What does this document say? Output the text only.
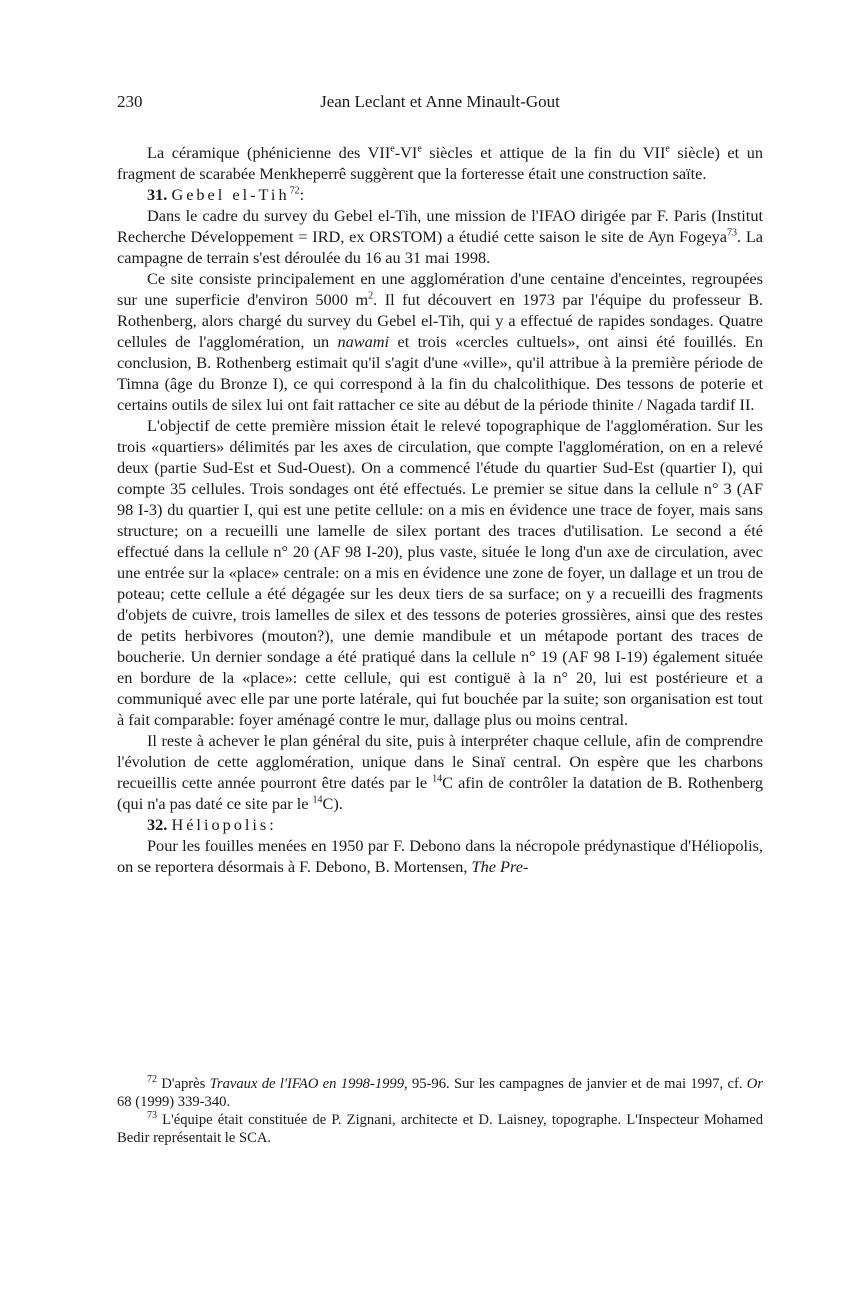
230	Jean Leclant et Anne Minault-Gout

La céramique (phénicienne des VIIe-VIe siècles et attique de la fin du VIIe siècle) et un fragment de scarabée Menkheperrê suggèrent que la forteresse était une construction saïte.

31. Gebel el-Tih$^{72}$:

Dans le cadre du survey du Gebel el-Tih, une mission de l'IFAO dirigée par F. Paris (Institut Recherche Développement = IRD, ex ORSTOM) a étudié cette saison le site de Ayn Fogeya$^{73}$. La campagne de terrain s'est déroulée du 16 au 31 mai 1998.

Ce site consiste principalement en une agglomération d'une centaine d'enceintes, regroupées sur une superficie d'environ 5000 $m^2$. Il fut découvert en 1973 par l'équipe du professeur B. Rothenberg, alors chargé du survey du Gebel el-Tih, qui y a effectué de rapides sondages. Quatre cellules de l'agglomération, un nawami et trois «cercles cultuels», ont ainsi été fouillés. En conclusion, B. Rothenberg estimait qu'il s'agit d'une «ville», qu'il attribue à la première période de Timna (âge du Bronze I), ce qui correspond à la fin du chalcolithique. Des tessons de poterie et certains outils de silex lui ont fait rattacher ce site au début de la période thinite / Nagada tardif II.

L'objectif de cette première mission était le relevé topographique de l'agglomération. Sur les trois «quartiers» délimités par les axes de circulation, que compte l'agglomération, on en a relevé deux (partie Sud-Est et Sud-Ouest). On a commencé l'étude du quartier Sud-Est (quartier I), qui compte 35 cellules. Trois sondages ont été effectués. Le premier se situe dans la cellule n° 3 (AF 98 I-3) du quartier I, qui est une petite cellule: on a mis en évidence une trace de foyer, mais sans structure; on a recueilli une lamelle de silex portant des traces d'utilisation. Le second a été effectué dans la cellule n° 20 (AF 98 I-20), plus vaste, située le long d'un axe de circulation, avec une entrée sur la «place» centrale: on a mis en évidence une zone de foyer, un dallage et un trou de poteau; cette cellule a été dégagée sur les deux tiers de sa surface; on y a recueilli des fragments d'objets de cuivre, trois lamelles de silex et des tessons de poteries grossières, ainsi que des restes de petits herbivores (mouton?), une demie mandibule et un métapode portant des traces de boucherie. Un dernier sondage a été pratiqué dans la cellule n° 19 (AF 98 I-19) également située en bordure de la «place»: cette cellule, qui est contiguë à la n° 20, lui est postérieure et a communiqué avec elle par une porte latérale, qui fut bouchée par la suite; son organisation est tout à fait comparable: foyer aménagé contre le mur, dallage plus ou moins central.

Il reste à achever le plan général du site, puis à interpréter chaque cellule, afin de comprendre l'évolution de cette agglomération, unique dans le Sinaï central. On espère que les charbons recueillis cette année pourront être datés par le $^{14}$C afin de contrôler la datation de B. Rothenberg (qui n'a pas daté ce site par le $^{14}$C).

32. Héliopolis:

Pour les fouilles menées en 1950 par F. Debono dans la nécropole prédynastique d'Héliopolis, on se reportera désormais à F. Debono, B. Mortensen, The Pre-

$^{72}$ D'après Travaux de l'IFAO en 1998-1999, 95-96. Sur les campagnes de janvier et de mai 1997, cf. Or 68 (1999) 339-340.

$^{73}$ L'équipe était constituée de P. Zignani, architecte et D. Laisney, topographe. L'Inspecteur Mohamed Bedir représentait le SCA.
